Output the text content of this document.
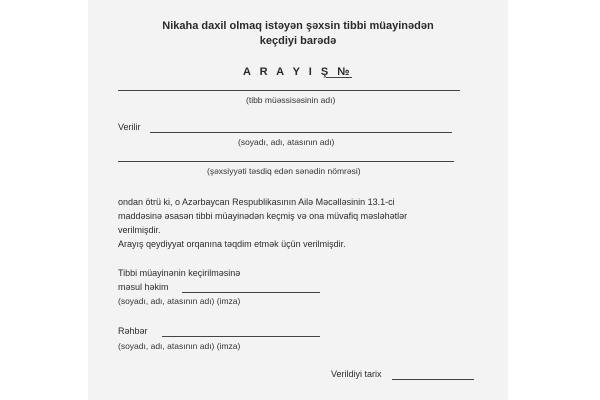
Nikaha daxil olmaq istəyən şəxsin tibbi müayinədən
keçdiyi barədə
A R A Y I Ş №
(tibb müəssisəsinin adı)
Verilir
(soyadı, adı, atasının adı)
(şəxsiyyəti təsdiq edən sənədin nömrəsi)
ondan ötrü ki, o Azərbaycan Respublikasının Ailə Məcəlləsinin 13.1-ci
maddəsinə əsasən tibbi müayinədən keçmiş və ona müvafiq məsləhətlər
verilmişdir.
Arayış qeydiyyat orqanına təqdim etmək üçün verilmişdir.
Tibbi müayinənin keçirilməsinə
məsul həkim
(soyadı, adı, atasının adı) (imza)
Rəhbər
(soyadı, adı, atasının adı) (imza)
Verildiyi tarix
